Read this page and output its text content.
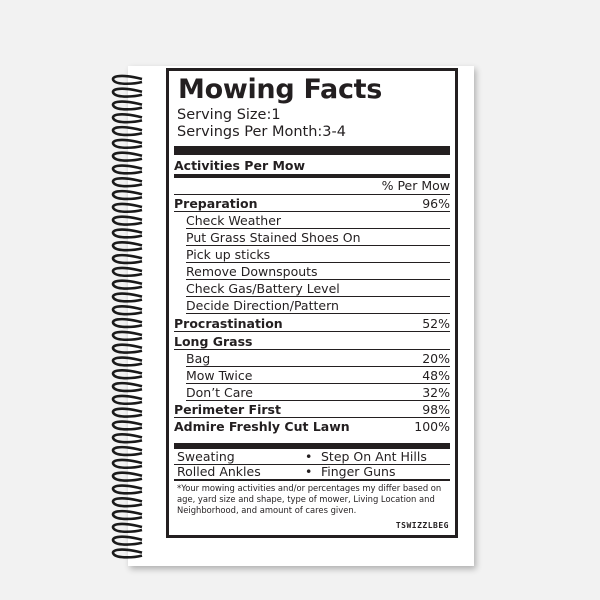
Mowing Facts
Serving Size:1
Servings Per Month:3-4
Activities Per Mow
% Per Mow
Preparation	96%
Check Weather
Put Grass Stained Shoes On
Pick up sticks
Remove Downspouts
Check Gas/Battery Level
Decide Direction/Pattern
Procrastination	52%
Long Grass
Bag	20%
Mow Twice	48%
Don’t Care	32%
Perimeter First	98%
Admire Freshly Cut Lawn	100%
Sweating	• Step On Ant Hills
Rolled Ankles	• Finger Guns
*Your mowing activities and/or percentages my differ based on age, yard size and shape, type of mower, Living Location and Neighborhood, and amount of cares given.
TSWIZZLBEG
